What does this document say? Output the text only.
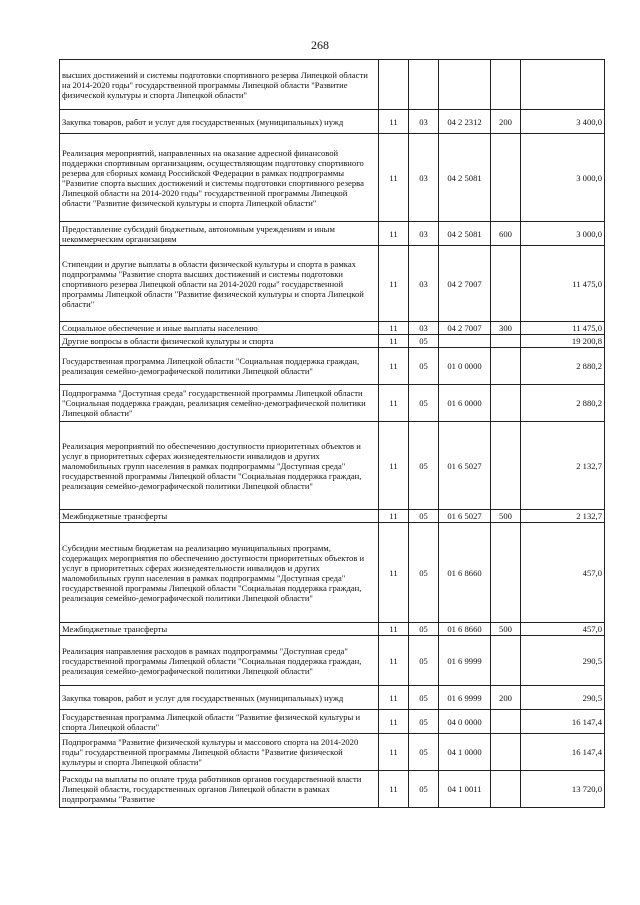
268
высших достижений и системы подготовки спортивного резерва Липецкой области на 2014-2020 годы" государственной программы Липецкой области "Развитие физической культуры и спорта Липецкой области"					
Закупка товаров, работ и услуг для государственных (муниципальных) нужд	11	03	04 2 2312	200	3 400,0
Реализация мероприятий, направленных на оказание адресной финансовой поддержки спортивным организациям, осуществляющим подготовку спортивного резерва для сборных команд Российской Федерации в рамках подпрограммы "Развитие спорта высших достижений и системы подготовки спортивного резерва Липецкой области на 2014-2020 годы" государственной программы Липецкой области "Развитие физической культуры и спорта Липецкой области"	11	03	04 2 5081		3 000,0
Предоставление субсидий бюджетным, автономным учреждениям и иным некоммерческим организациям	11	03	04 2 5081	600	3 000,0
Стипендии и другие выплаты в области физической культуры и спорта в рамках подпрограммы "Развитие спорта высших достижений и системы подготовки спортивного резерва Липецкой области на 2014-2020 годы" государственной программы Липецкой области "Развитие физической культуры и спорта Липецкой области"	11	03	04 2 7007		11 475,0
Социальное обеспечение и иные выплаты населению	11	03	04 2 7007	300	11 475,0
Другие вопросы в области физической культуры и спорта	11	05			19 200,8
Государственная программа Липецкой области "Социальная поддержка граждан, реализация семейно-демографической политики Липецкой области"	11	05	01 0 0000		2 880,2
Подпрограмма "Доступная среда" государственной программы Липецкой области "Социальная поддержка граждан, реализация семейно-демографической политики Липецкой области"	11	05	01 6 0000		2 880,2
Реализация мероприятий по обеспечению доступности приоритетных объектов и услуг в приоритетных сферах жизнедеятельности инвалидов и других маломобильных групп населения в рамках подпрограммы "Доступная среда" государственной программы Липецкой области "Социальная поддержка граждан, реализация семейно-демографической политики Липецкой области"	11	05	01 6 5027		2 132,7
Межбюджетные трансферты	11	05	01 6 5027	500	2 132,7
Субсидии местным бюджетам на реализацию муниципальных программ, содержащих мероприятия по обеспечению доступности приоритетных объектов и услуг в приоритетных сферах жизнедеятельности инвалидов и других маломобильных групп населения в рамках подпрограммы "Доступная среда" государственной программы Липецкой области "Социальная поддержка граждан, реализация семейно-демографической политики Липецкой области"	11	05	01 6 8660		457,0
Межбюджетные трансферты	11	05	01 6 8660	500	457,0
Реализация направления расходов в рамках подпрограммы "Доступная среда" государственной программы Липецкой области "Социальная поддержка граждан, реализация семейно-демографической политики Липецкой области"	11	05	01 6 9999		290,5
Закупка товаров, работ и услуг для государственных (муниципальных) нужд	11	05	01 6 9999	200	290,5
Государственная программа Липецкой области "Развитие физической культуры и спорта Липецкой области"	11	05	04 0 0000		16 147,4
Подпрограмма "Развитие физической культуры и массового спорта на 2014-2020 годы" государственной программы Липецкой области "Развитие физической культуры и спорта Липецкой области"	11	05	04 1 0000		16 147,4
Расходы на выплаты по оплате труда работников органов государственной власти Липецкой области, государственных органов Липецкой области в рамках подпрограммы "Развитие	11	05	04 1 0011		13 720,0
